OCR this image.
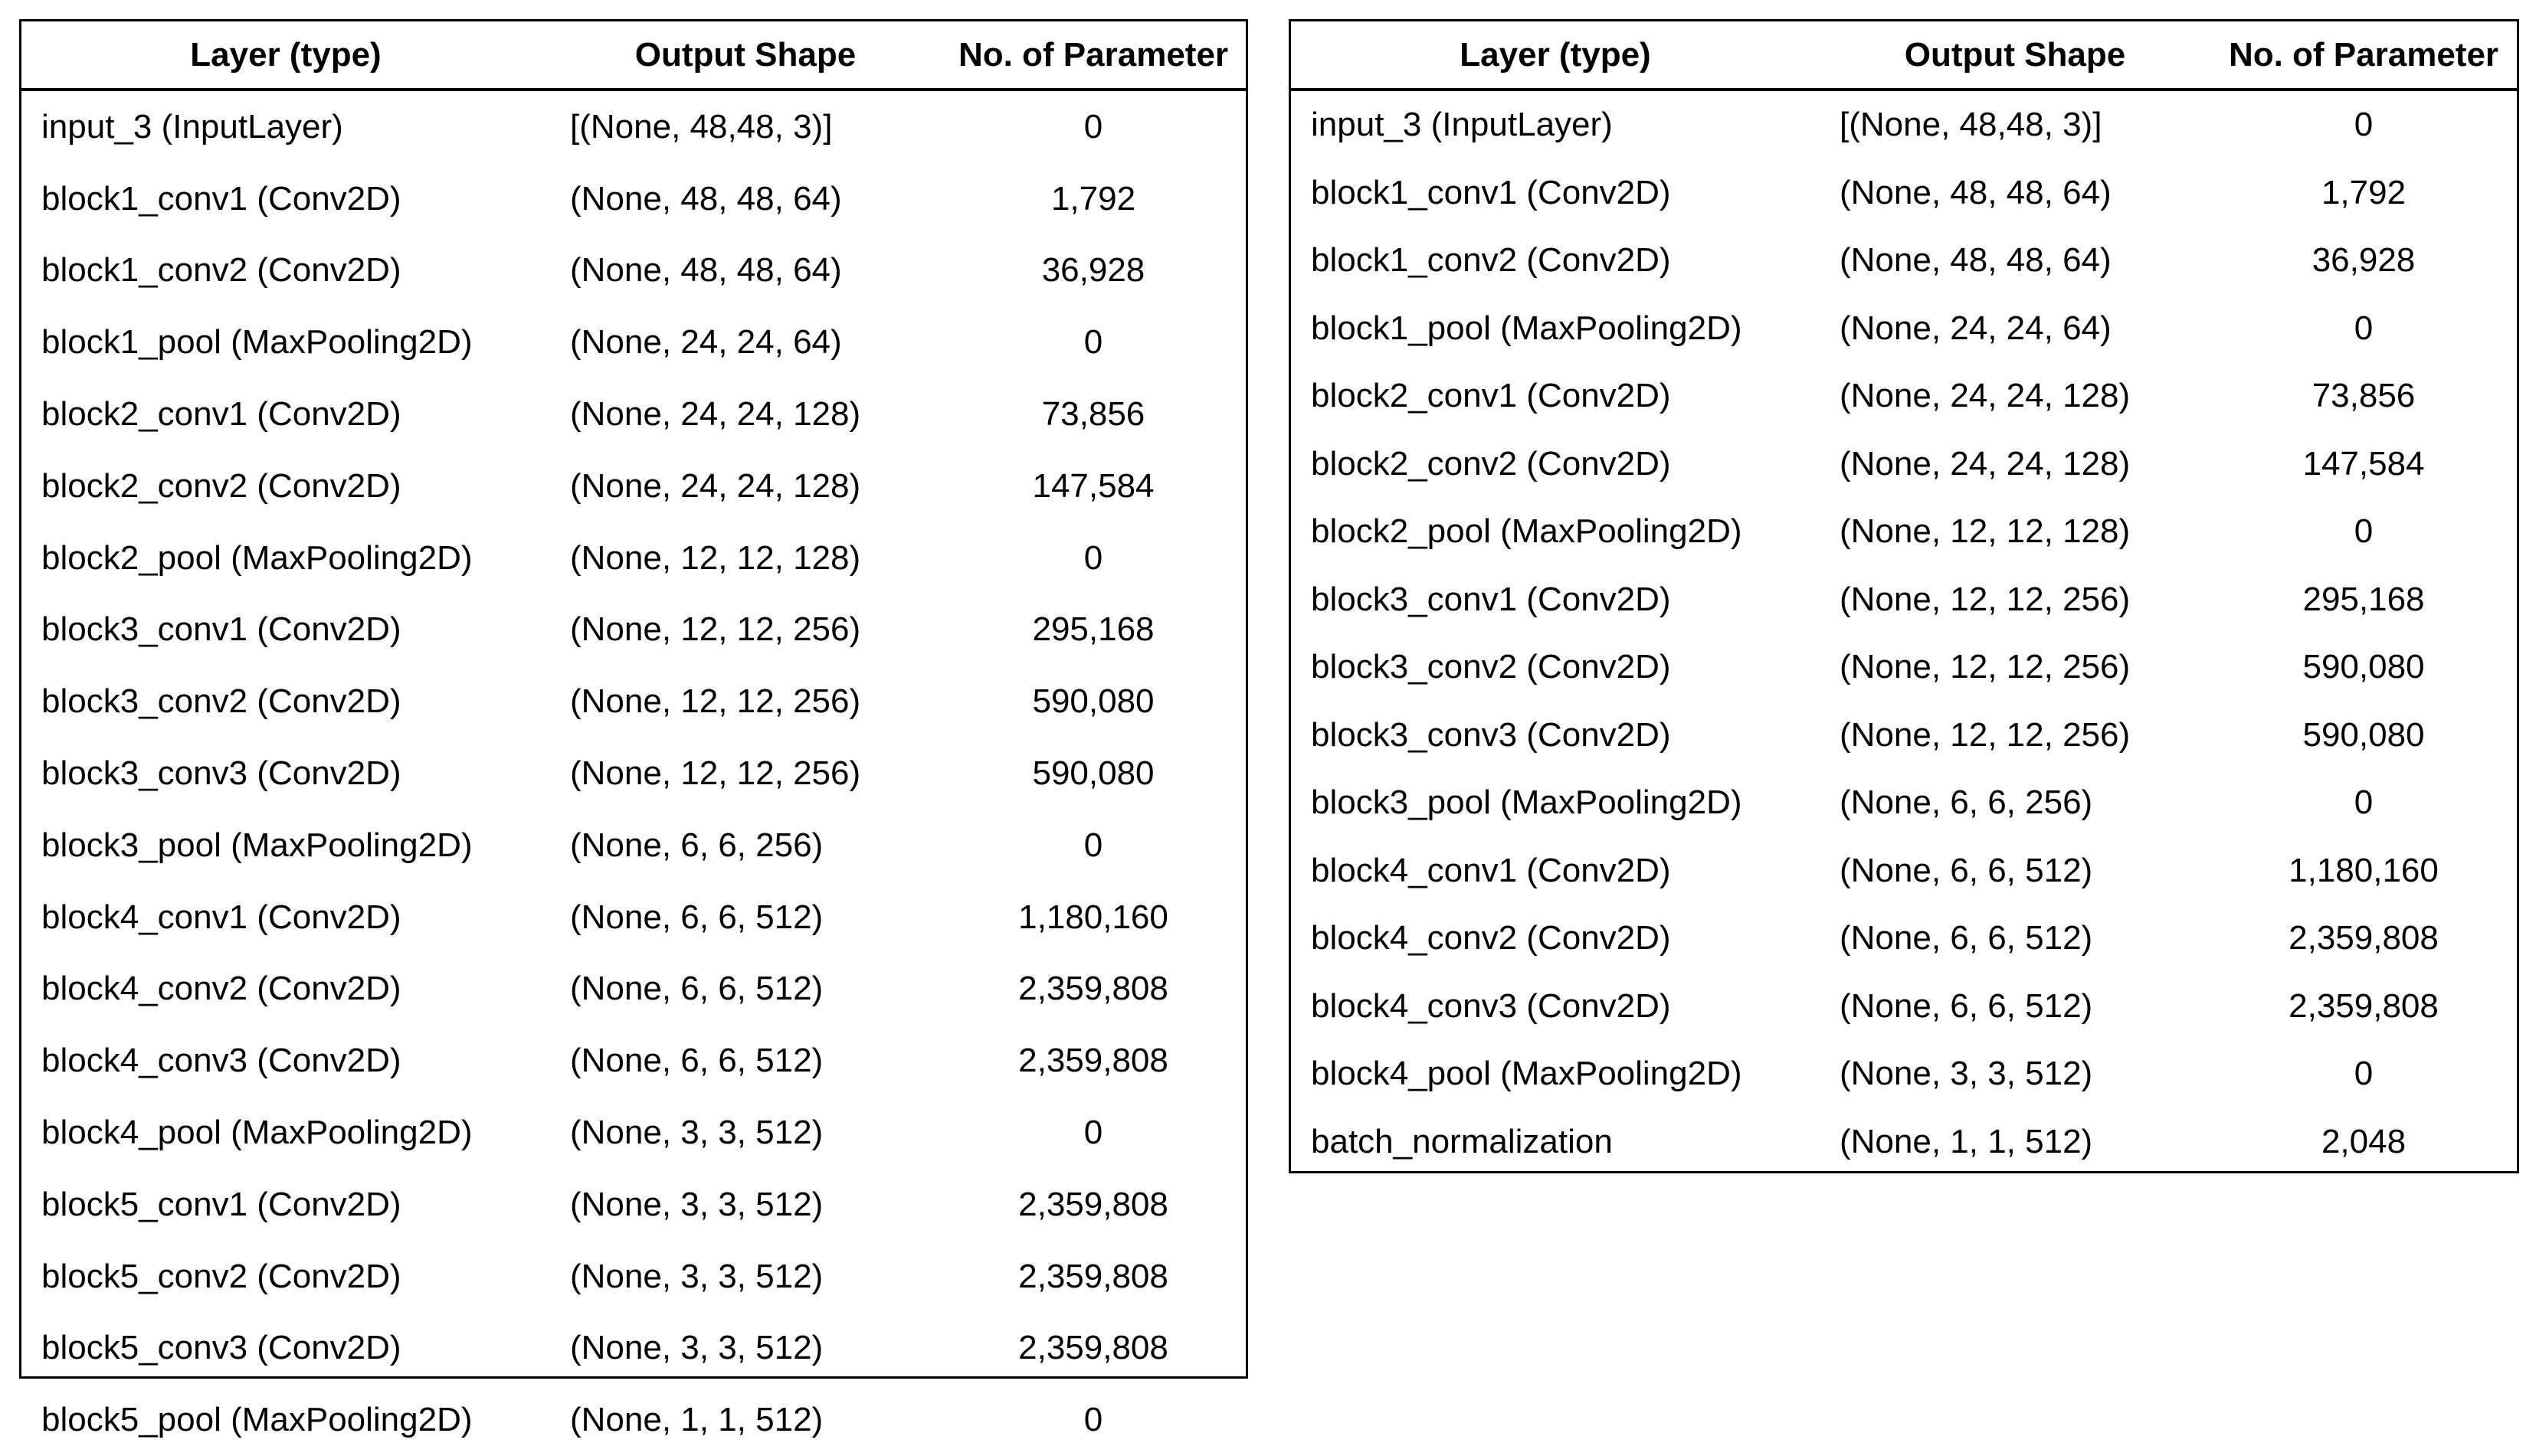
Layer (type)	Output Shape	No. of Parameter
input_3 (InputLayer)	[(None, 48,48, 3)]	0
block1_conv1 (Conv2D)	(None, 48, 48, 64)	1,792
block1_conv2 (Conv2D)	(None, 48, 48, 64)	36,928
block1_pool (MaxPooling2D)	(None, 24, 24, 64)	0
block2_conv1 (Conv2D)	(None, 24, 24, 128)	73,856
block2_conv2 (Conv2D)	(None, 24, 24, 128)	147,584
block2_pool (MaxPooling2D)	(None, 12, 12, 128)	0
block3_conv1 (Conv2D)	(None, 12, 12, 256)	295,168
block3_conv2 (Conv2D)	(None, 12, 12, 256)	590,080
block3_conv3 (Conv2D)	(None, 12, 12, 256)	590,080
block3_pool (MaxPooling2D)	(None, 6, 6, 256)	0
block4_conv1 (Conv2D)	(None, 6, 6, 512)	1,180,160
block4_conv2 (Conv2D)	(None, 6, 6, 512)	2,359,808
block4_conv3 (Conv2D)	(None, 6, 6, 512)	2,359,808
block4_pool (MaxPooling2D)	(None, 3, 3, 512)	0
block5_conv1 (Conv2D)	(None, 3, 3, 512)	2,359,808
block5_conv2 (Conv2D)	(None, 3, 3, 512)	2,359,808
block5_conv3 (Conv2D)	(None, 3, 3, 512)	2,359,808
block5_pool (MaxPooling2D)	(None, 1, 1, 512)	0
Layer (type)	Output Shape	No. of Parameter
input_3 (InputLayer)	[(None, 48,48, 3)]	0
block1_conv1 (Conv2D)	(None, 48, 48, 64)	1,792
block1_conv2 (Conv2D)	(None, 48, 48, 64)	36,928
block1_pool (MaxPooling2D)	(None, 24, 24, 64)	0
block2_conv1 (Conv2D)	(None, 24, 24, 128)	73,856
block2_conv2 (Conv2D)	(None, 24, 24, 128)	147,584
block2_pool (MaxPooling2D)	(None, 12, 12, 128)	0
block3_conv1 (Conv2D)	(None, 12, 12, 256)	295,168
block3_conv2 (Conv2D)	(None, 12, 12, 256)	590,080
block3_conv3 (Conv2D)	(None, 12, 12, 256)	590,080
block3_pool (MaxPooling2D)	(None, 6, 6, 256)	0
block4_conv1 (Conv2D)	(None, 6, 6, 512)	1,180,160
block4_conv2 (Conv2D)	(None, 6, 6, 512)	2,359,808
block4_conv3 (Conv2D)	(None, 6, 6, 512)	2,359,808
block4_pool (MaxPooling2D)	(None, 3, 3, 512)	0
batch_normalization	(None, 1, 1, 512)	2,048
